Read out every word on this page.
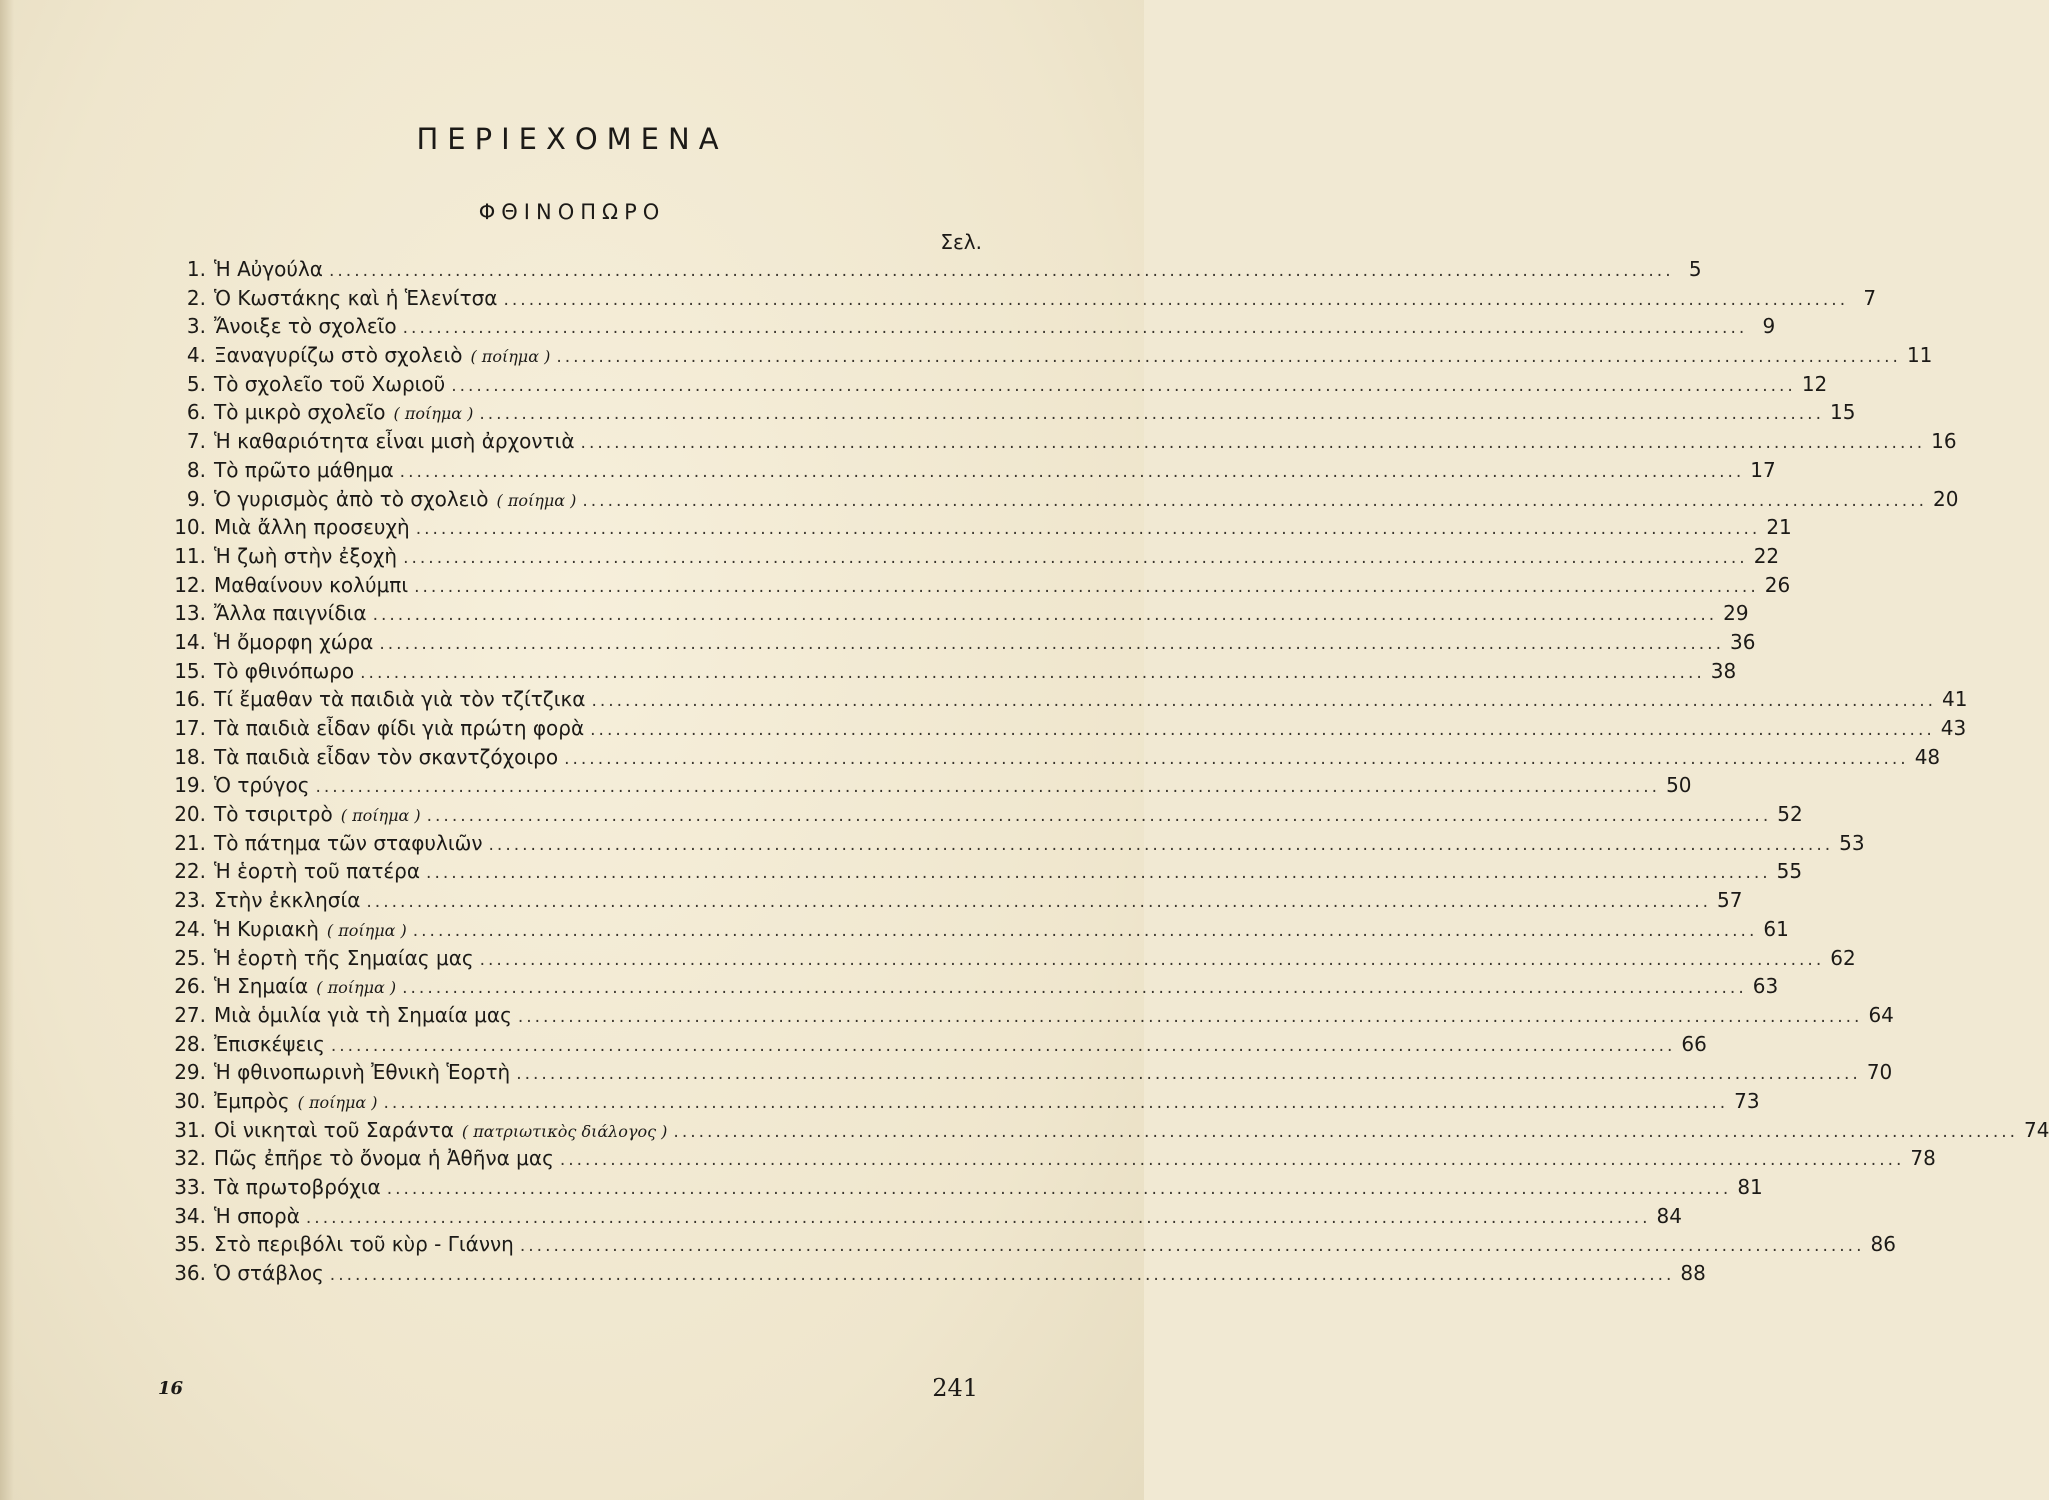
ΠΕΡΙΕΧΟΜΕΝΑ
ΦΘΙΝΟΠΩΡΟ
Σελ.
1. Ἡ Αὐγούλα ................................................................................................................................................................ 5
2. Ὁ Κωστάκης καὶ ἡ Ἑλενίτσα ................................................................................................................................................................ 7
3. Ἄνοιξε τὸ σχολεῖο ................................................................................................................................................................ 9
4. Ξαναγυρίζω στὸ σχολειὸ ( ποίημα ) ................................................................................................................................................................ 11
5. Τὸ σχολεῖο τοῦ Χωριοῦ ................................................................................................................................................................ 12
6. Τὸ μικρὸ σχολεῖο ( ποίημα ) ................................................................................................................................................................ 15
7. Ἡ καθαριότητα εἶναι μισὴ ἀρχοντιὰ ................................................................................................................................................................ 16
8. Τὸ πρῶτο μάθημα ................................................................................................................................................................ 17
9. Ὁ γυρισμὸς ἀπὸ τὸ σχολειὸ ( ποίημα ) ................................................................................................................................................................ 20
10. Μιὰ ἄλλη προσευχὴ ................................................................................................................................................................ 21
11. Ἡ ζωὴ στὴν ἐξοχὴ ................................................................................................................................................................ 22
12. Μαθαίνουν κολύμπι ................................................................................................................................................................ 26
13. Ἄλλα παιγνίδια ................................................................................................................................................................ 29
14. Ἡ ὄμορφη χώρα ................................................................................................................................................................ 36
15. Τὸ φθινόπωρο ................................................................................................................................................................ 38
16. Τί ἔμαθαν τὰ παιδιὰ γιὰ τὸν τζίτζικα ................................................................................................................................................................ 41
17. Τὰ παιδιὰ εἶδαν φίδι γιὰ πρώτη φορὰ ................................................................................................................................................................ 43
18. Τὰ παιδιὰ εἶδαν τὸν σκαντζόχοιρο ................................................................................................................................................................ 48
19. Ὁ τρύγος ................................................................................................................................................................ 50
20. Τὸ τσιριτρὸ ( ποίημα ) ................................................................................................................................................................ 52
21. Τὸ πάτημα τῶν σταφυλιῶν ................................................................................................................................................................ 53
22. Ἡ ἑορτὴ τοῦ πατέρα ................................................................................................................................................................ 55
23. Στὴν ἐκκλησία ................................................................................................................................................................ 57
24. Ἡ Κυριακὴ ( ποίημα ) ................................................................................................................................................................ 61
25. Ἡ ἑορτὴ τῆς Σημαίας μας ................................................................................................................................................................ 62
26. Ἡ Σημαία ( ποίημα ) ................................................................................................................................................................ 63
27. Μιὰ ὁμιλία γιὰ τὴ Σημαία μας ................................................................................................................................................................ 64
28. Ἐπισκέψεις ................................................................................................................................................................ 66
29. Ἡ φθινοπωρινὴ Ἐθνικὴ Ἑορτὴ ................................................................................................................................................................ 70
30. Ἐμπρὸς ( ποίημα ) ................................................................................................................................................................ 73
31. Οἱ νικηταὶ τοῦ Σαράντα ( πατριωτικὸς διάλογος ) ................................................................................................................................................................ 74
32. Πῶς ἐπῆρε τὸ ὄνομα ἡ Ἀθῆνα μας ................................................................................................................................................................ 78
33. Τὰ πρωτοβρόχια ................................................................................................................................................................ 81
34. Ἡ σπορὰ ................................................................................................................................................................ 84
35. Στὸ περιβόλι τοῦ κὺρ - Γιάννη ................................................................................................................................................................ 86
36. Ὁ στάβλος ................................................................................................................................................................ 88
16	241
